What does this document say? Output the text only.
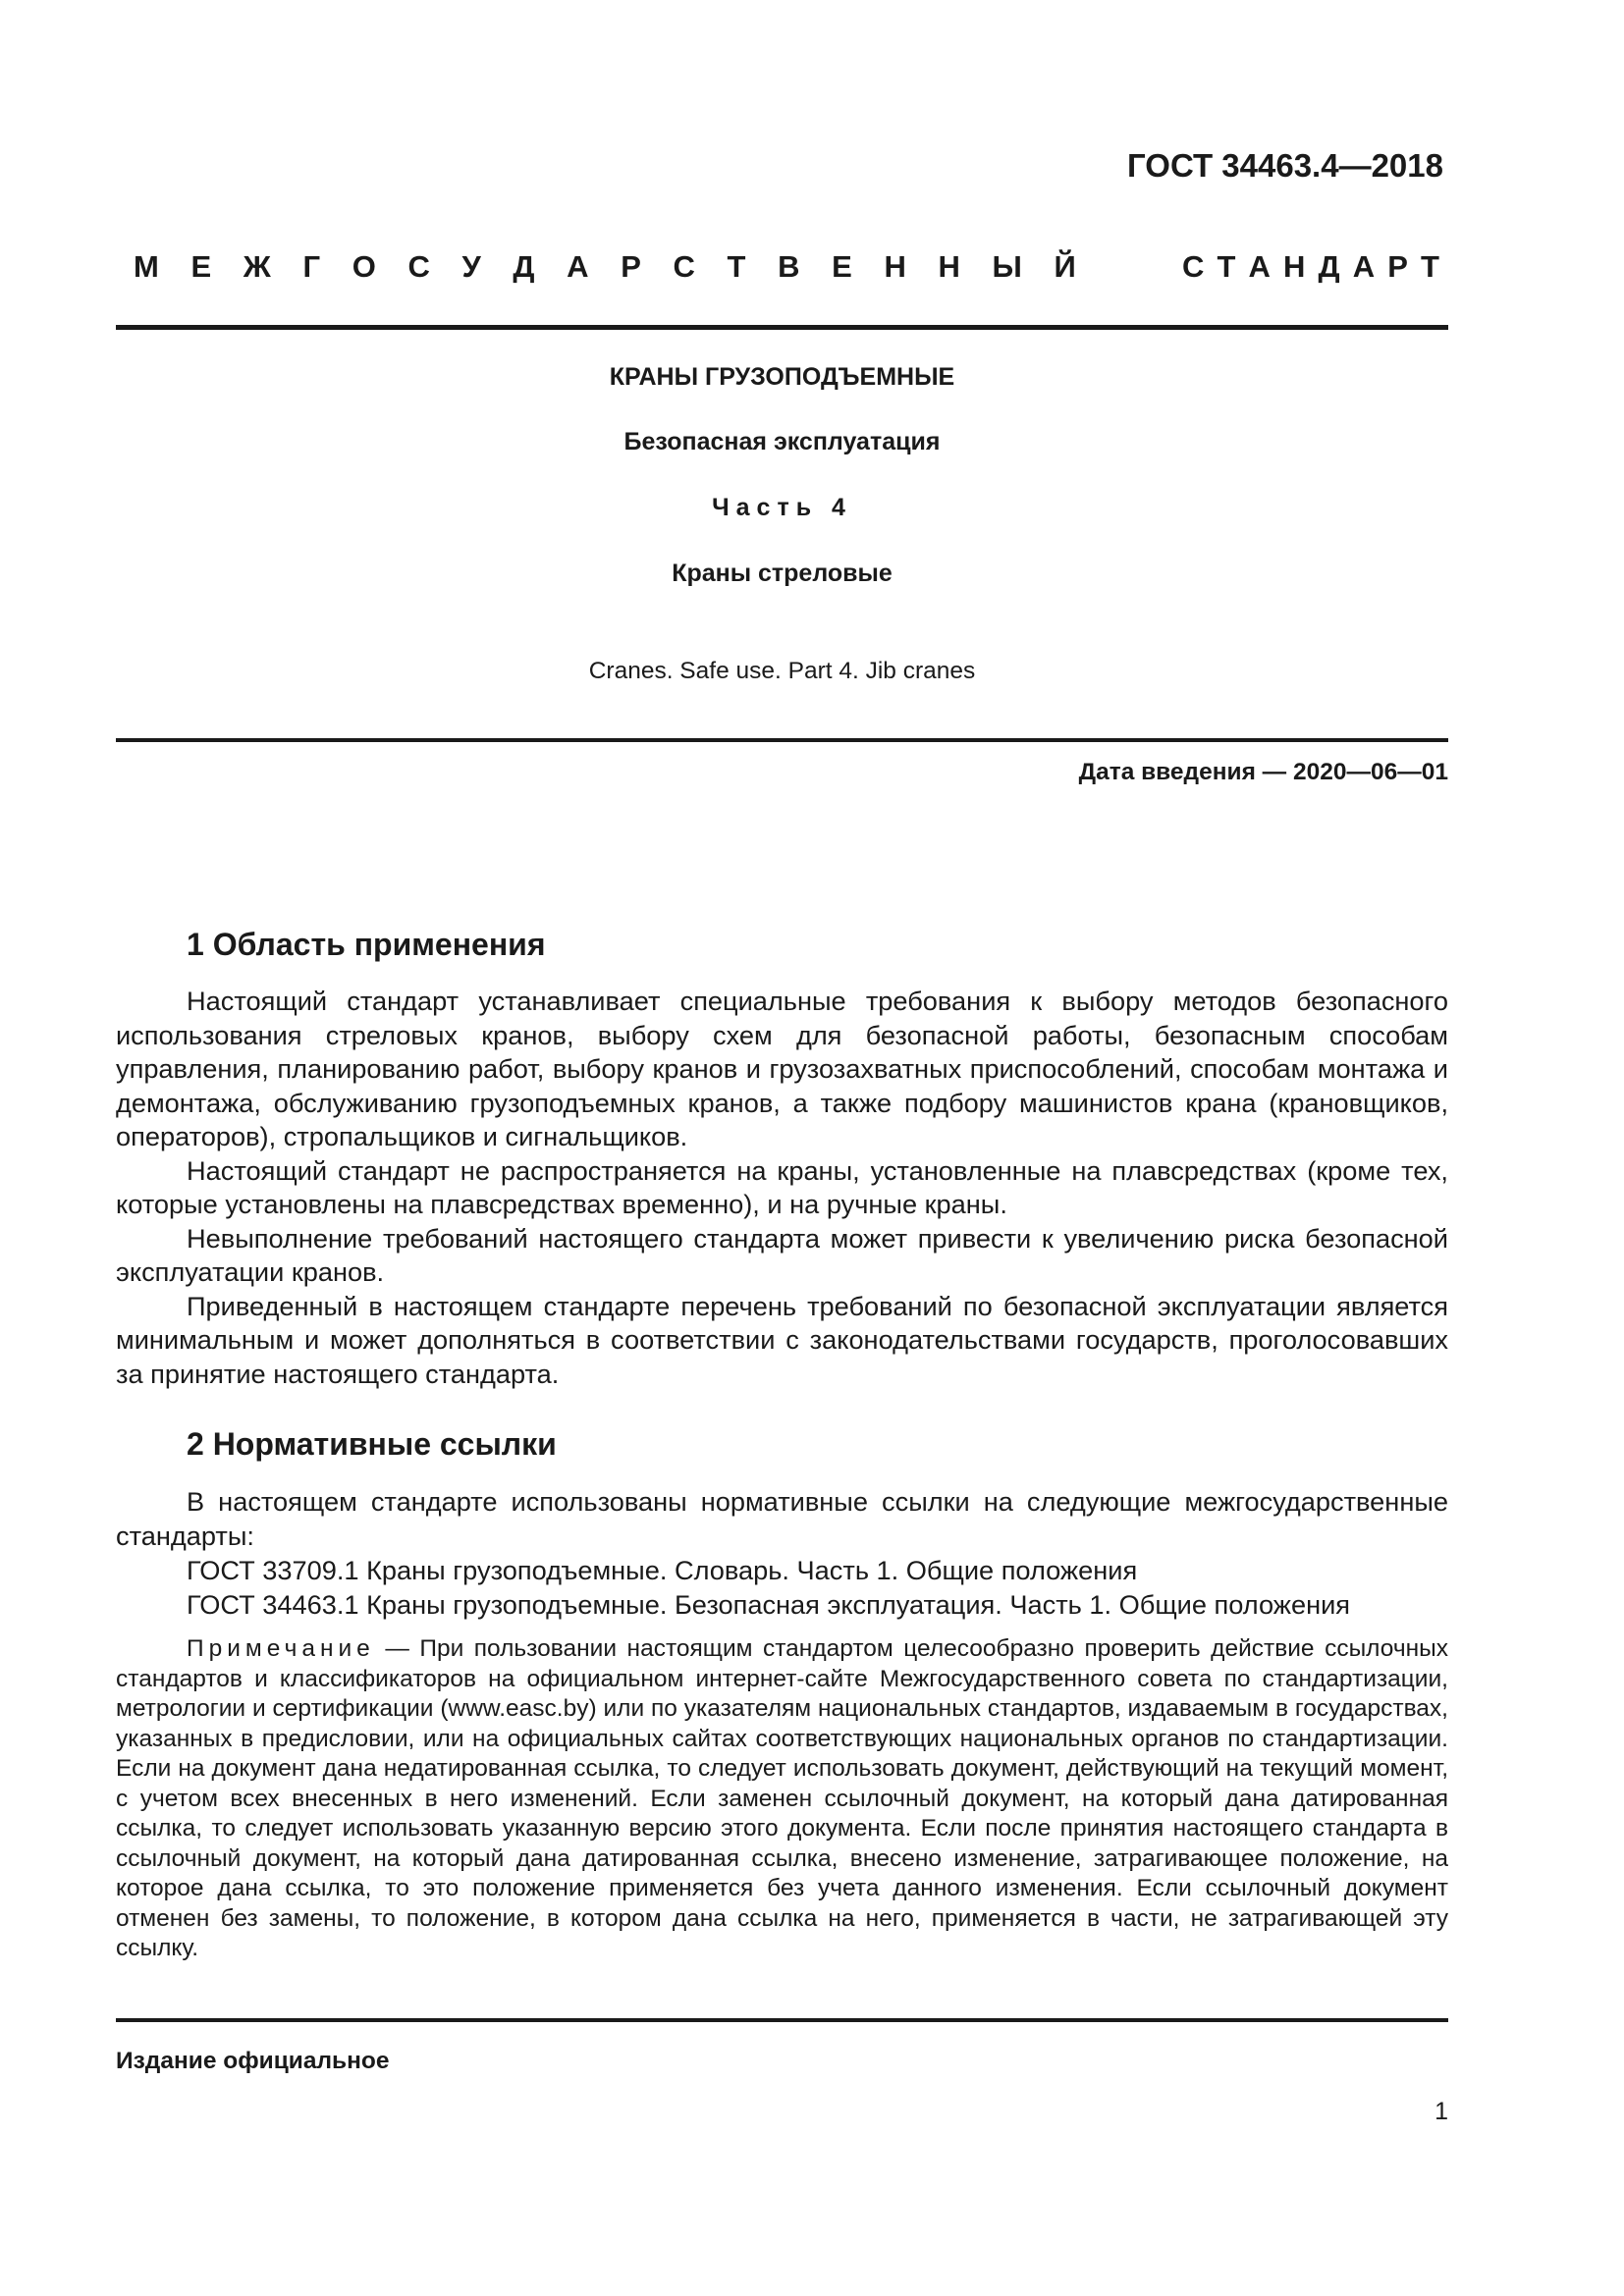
ГОСТ 34463.4—2018
М Е Ж Г О С У Д А Р С Т В Е Н Н Ы Й	С Т А Н Д А Р Т
КРАНЫ ГРУЗОПОДЪЕМНЫЕ
Безопасная эксплуатация
Часть 4
Краны стреловые
Cranes. Safe use. Part 4. Jib cranes
Дата введения — 2020—06—01
1 Область применения

Настоящий стандарт устанавливает специальные требования к выбору методов безопасного использования стреловых кранов, выбору схем для безопасной работы, безопасным способам управления, планированию работ, выбору кранов и грузозахватных приспособлений, способам монтажа и демонтажа, обслуживанию грузоподъемных кранов, а также подбору машинистов крана (крановщиков, операторов), стропальщиков и сигнальщиков.

Настоящий стандарт не распространяется на краны, установленные на плавсредствах (кроме тех, которые установлены на плавсредствах временно), и на ручные краны.

Невыполнение требований настоящего стандарта может привести к увеличению риска безопасной эксплуатации кранов.

Приведенный в настоящем стандарте перечень требований по безопасной эксплуатации является минимальным и может дополняться в соответствии с законодательствами государств, проголосовавших за принятие настоящего стандарта.

2 Нормативные ссылки

В настоящем стандарте использованы нормативные ссылки на следующие межгосударственные стандарты:

ГОСТ 33709.1 Краны грузоподъемные. Словарь. Часть 1. Общие положения
ГОСТ 34463.1 Краны грузоподъемные. Безопасная эксплуатация. Часть 1. Общие положения
Примечание — При пользовании настоящим стандартом целесообразно проверить действие ссылочных стандартов и классификаторов на официальном интернет-сайте Межгосударственного совета по стандартизации, метрологии и сертификации (www.easc.by) или по указателям национальных стандартов, издаваемым в государствах, указанных в предисловии, или на официальных сайтах соответствующих национальных органов по стандартизации. Если на документ дана недатированная ссылка, то следует использовать документ, действующий на текущий момент, с учетом всех внесенных в него изменений. Если заменен ссылочный документ, на который дана датированная ссылка, то следует использовать указанную версию этого документа. Если после принятия настоящего стандарта в ссылочный документ, на который дана датированная ссылка, внесено изменение, затрагивающее положение, на которое дана ссылка, то это положение применяется без учета данного изменения. Если ссылочный документ отменен без замены, то положение, в котором дана ссылка на него, применяется в части, не затрагивающей эту ссылку.
Издание официальное
1
